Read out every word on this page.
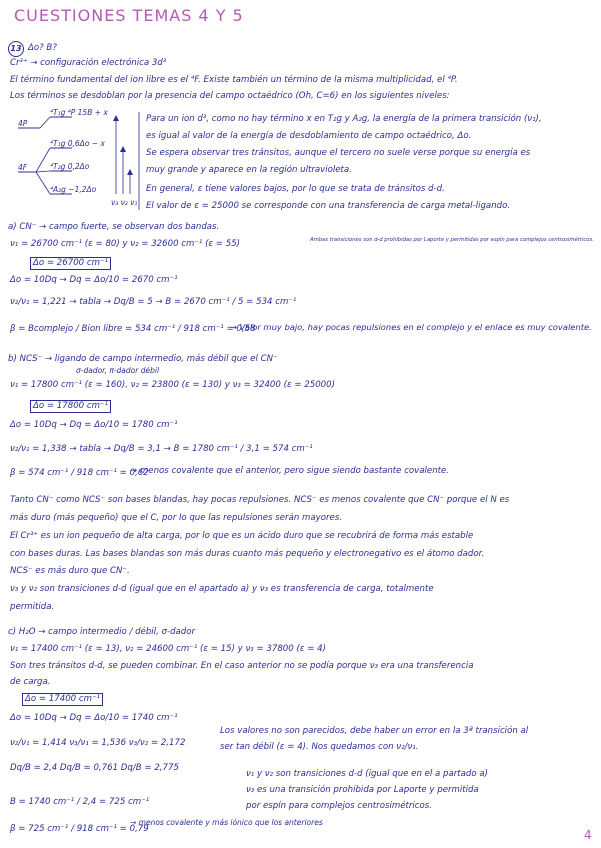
CUESTIONES TEMAS 4 Y 5
13 Δo? B?
Cr³⁺ → configuración electrónica 3d³
El término fundamental del ion libre es el ⁴F. Existe también un término de la misma multiplicidad, el ⁴P.
Los términos se desdoblan por la presencia del campo octaédrico (Oh, C=6) en los siguientes niveles:
4P
4F
⁴T₁g ⁴P 15B + x
⁴T₁g 0,6Δo − x
⁴T₂g 0,2Δo
⁴A₂g −1,2Δo
ν₃ ν₂ ν₁
Para un ion d³, como no hay término x en T₂g y A₂g, la energía de la primera transición (ν₁),
es igual al valor de la energía de desdoblamiento de campo octaédrico, Δo.
Se espera observar tres tránsitos, aunque el tercero no suele verse porque su energía es
muy grande y aparece en la región ultravioleta.
En general, ε tiene valores bajos, por lo que se trata de tránsitos d-d.
El valor de ε = 25000 se corresponde con una transferencia de carga metal-ligando.
a) CN⁻ → campo fuerte, se observan dos bandas.
ν₁ = 26700 cm⁻¹ (ε = 80) y ν₂ = 32600 cm⁻¹ (ε = 55)	Ambas transiciones son d-d prohibidas por Laporte y permitidas por espín para complejos centrosimétricos.
Δo = 26700 cm⁻¹
Δo = 10Dq → Dq = Δo/10 = 2670 cm⁻¹
ν₂/ν₁ = 1,221 → tabla → Dq/B = 5 → B = 2670 cm⁻¹ / 5 = 534 cm⁻¹
β = Bcomplejo / Bion libre = 534 cm⁻¹ / 918 cm⁻¹ = 0,58
→ Valor muy bajo, hay pocas repulsiones en el complejo y el enlace es muy covalente.
b) NCS⁻ → ligando de campo intermedio, más débil que el CN⁻
σ-dador, π-dador débil
ν₁ = 17800 cm⁻¹ (ε = 160), ν₂ = 23800 (ε = 130) y ν₃ = 32400 (ε = 25000)
Δo = 17800 cm⁻¹
Δo = 10Dq → Dq = Δo/10 = 1780 cm⁻¹
ν₂/ν₁ = 1,338 → tabla → Dq/B = 3,1 → B = 1780 cm⁻¹ / 3,1 = 574 cm⁻¹
β = 574 cm⁻¹ / 918 cm⁻¹ = 0,62
→ menos covalente que el anterior, pero sigue siendo bastante covalente.
Tanto CN⁻ como NCS⁻ son bases blandas, hay pocas repulsiones. NCS⁻ es menos covalente que CN⁻ porque el N es
más duro (más pequeño) que el C, por lo que las repulsiones serán mayores.
El Cr³⁺ es un ion pequeño de alta carga, por lo que es un ácido duro que se recubrirá de forma más estable
con bases duras. Las bases blandas son más duras cuanto más pequeño y electronegativo es el átomo dador.
NCS⁻ es más duro que CN⁻.
ν₃ y ν₂ son transiciones d-d (igual que en el apartado a) y ν₃ es transferencia de carga, totalmente
permitida.
c) H₂O → campo intermedio / débil, σ-dador
ν₁ = 17400 cm⁻¹ (ε = 13), ν₂ = 24600 cm⁻¹ (ε = 15) y ν₃ = 37800 (ε = 4)
Son tres tránsitos d-d, se pueden combinar. En el caso anterior no se podía porque ν₃ era una transferencia
de carga.
Δo = 17400 cm⁻¹
Δo = 10Dq → Dq = Δo/10 = 1740 cm⁻¹
ν₂/ν₁ = 1,414 ν₃/ν₁ = 1,536 ν₃/ν₂ = 2,172
Dq/B = 2,4 Dq/B = 0,761 Dq/B = 2,775
Los valores no son parecidos, debe haber un error en la 3ª transición al
ser tan débil (ε = 4). Nos quedamos con ν₂/ν₁.
B = 1740 cm⁻¹ / 2,4 = 725 cm⁻¹
β = 725 cm⁻¹ / 918 cm⁻¹ = 0,79
→ menos covalente y más iónico que los anteriores
ν₁ y ν₂ son transiciones d-d (igual que en el a partado a)
ν₃ es una transición prohibida por Laporte y permitida
por espín para complejos centrosimétricos.
4
